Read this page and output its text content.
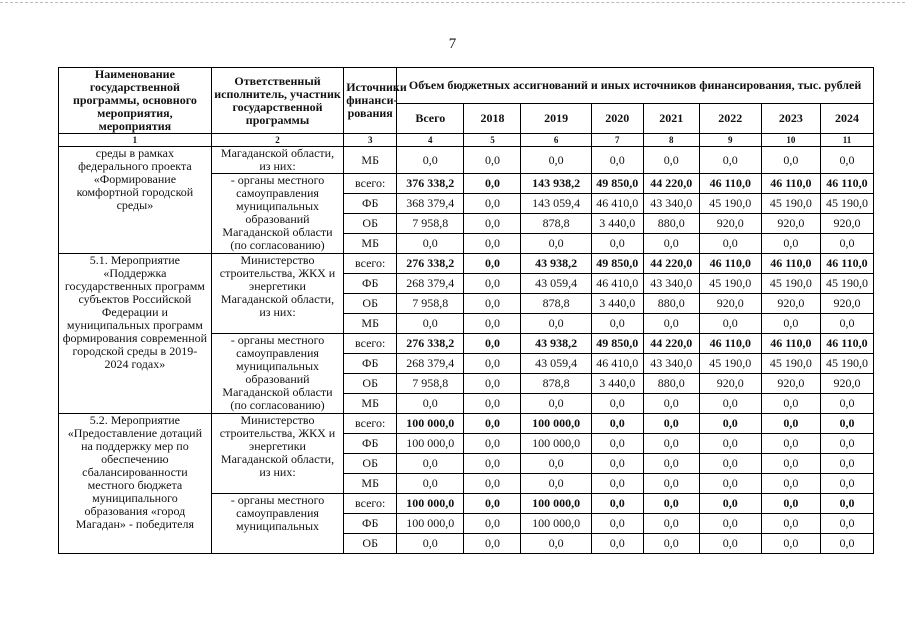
7
Наименование государственной программы, основного мероприятия, мероприятия	Ответственный исполнитель, участник государственной программы	Источники финанси-рования	Объем бюджетных ассигнований и иных источников финансирования, тыс. рублей							
			Всего	2018	2019	2020	2021	2022	2023	2024
1	2	3	4	5	6	7	8	9	10	11
среды в рамках федерального проекта «Формирование комфортной городской среды»	Магаданской области, из них:	МБ	0,0	0,0	0,0	0,0	0,0	0,0	0,0	0,0
	- органы местного самоуправления муниципальных образований Магаданской области (по согласованию)	всего:	376 338,2	0,0	143 938,2	49 850,0	44 220,0	46 110,0	46 110,0	46 110,0
		ФБ	368 379,4	0,0	143 059,4	46 410,0	43 340,0	45 190,0	45 190,0	45 190,0
		ОБ	7 958,8	0,0	878,8	3 440,0	880,0	920,0	920,0	920,0
		МБ	0,0	0,0	0,0	0,0	0,0	0,0	0,0	0,0
5.1. Мероприятие «Поддержка государственных программ субъектов Российской Федерации и муниципальных программ формирования современной городской среды в 2019-2024 годах»	Министерство строительства, ЖКХ и энергетики Магаданской области, из них:	всего:	276 338,2	0,0	43 938,2	49 850,0	44 220,0	46 110,0	46 110,0	46 110,0
		ФБ	268 379,4	0,0	43 059,4	46 410,0	43 340,0	45 190,0	45 190,0	45 190,0
		ОБ	7 958,8	0,0	878,8	3 440,0	880,0	920,0	920,0	920,0
		МБ	0,0	0,0	0,0	0,0	0,0	0,0	0,0	0,0
	- органы местного самоуправления муниципальных образований Магаданской области (по согласованию)	всего:	276 338,2	0,0	43 938,2	49 850,0	44 220,0	46 110,0	46 110,0	46 110,0
		ФБ	268 379,4	0,0	43 059,4	46 410,0	43 340,0	45 190,0	45 190,0	45 190,0
		ОБ	7 958,8	0,0	878,8	3 440,0	880,0	920,0	920,0	920,0
		МБ	0,0	0,0	0,0	0,0	0,0	0,0	0,0	0,0
5.2. Мероприятие «Предоставление дотаций на поддержку мер по обеспечению сбалансированности местного бюджета муниципального образования «город Магадан» - победителя	Министерство строительства, ЖКХ и энергетики Магаданской области, из них:	всего:	100 000,0	0,0	100 000,0	0,0	0,0	0,0	0,0	0,0
		ФБ	100 000,0	0,0	100 000,0	0,0	0,0	0,0	0,0	0,0
		ОБ	0,0	0,0	0,0	0,0	0,0	0,0	0,0	0,0
		МБ	0,0	0,0	0,0	0,0	0,0	0,0	0,0	0,0
	- органы местного самоуправления муниципальных	всего:	100 000,0	0,0	100 000,0	0,0	0,0	0,0	0,0	0,0
		ФБ	100 000,0	0,0	100 000,0	0,0	0,0	0,0	0,0	0,0
		ОБ	0,0	0,0	0,0	0,0	0,0	0,0	0,0	0,0
